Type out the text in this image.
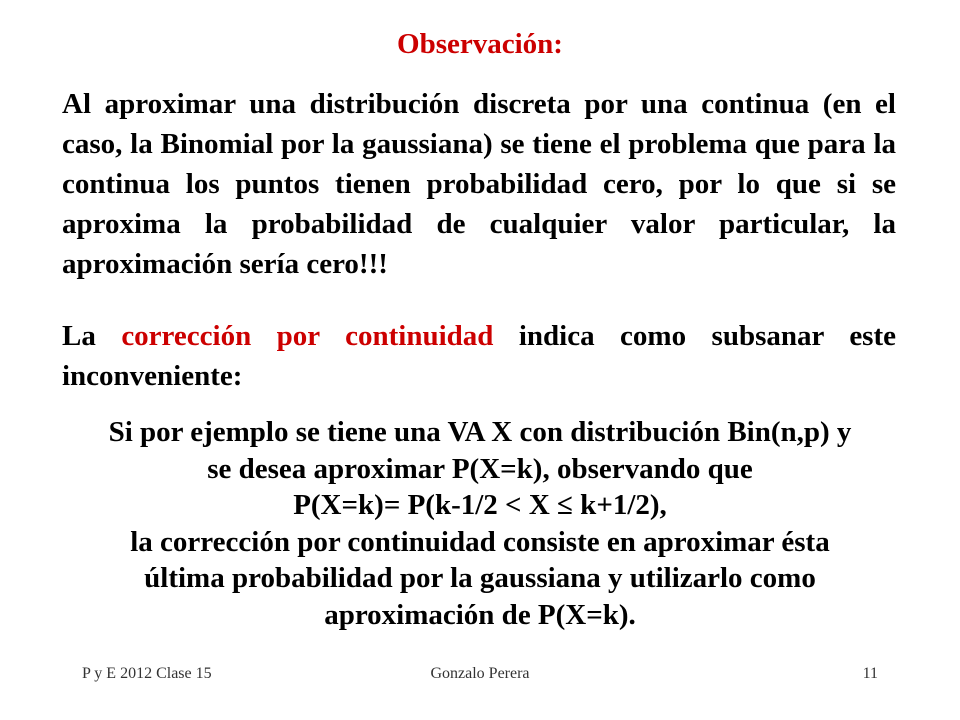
Observación:
Al aproximar una distribución discreta por una continua (en el caso, la Binomial por la gaussiana) se tiene el problema que para la continua los puntos tienen probabilidad cero, por lo que si se aproxima la probabilidad de cualquier valor particular, la aproximación sería cero!!!
La corrección por continuidad indica como subsanar este inconveniente:
Si por ejemplo se tiene una VA X con distribución Bin(n,p) y
se desea aproximar P(X=k), observando que
P(X=k)= P(k-1/2 < X ≤ k+1/2),
la corrección por continuidad consiste en aproximar ésta
última probabilidad por la gaussiana y utilizarlo como
aproximación de P(X=k).
P y E 2012 Clase 15	Gonzalo Perera	11
